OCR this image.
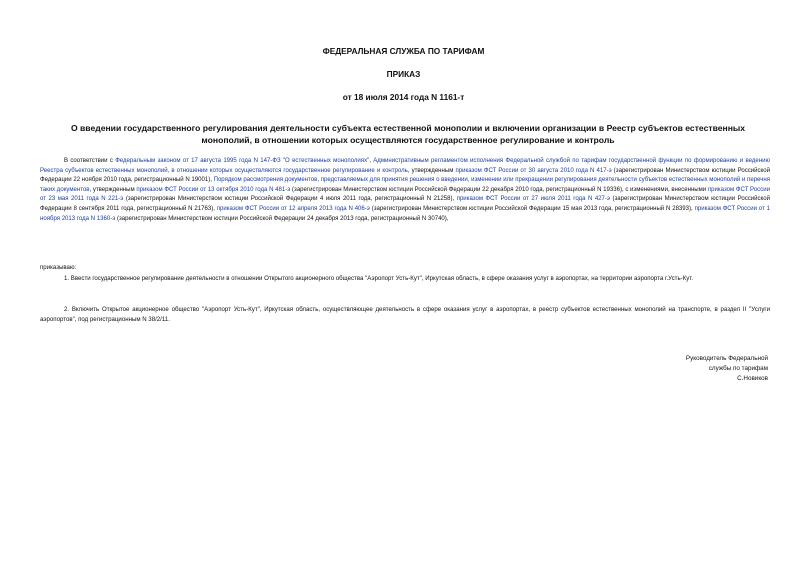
ФЕДЕРАЛЬНАЯ СЛУЖБА ПО ТАРИФАМ
ПРИКАЗ
от 18 июля 2014 года N 1161-т
О введении государственного регулирования деятельности субъекта естественной монополии и включении организации в Реестр субъектов естественных монополий, в отношении которых осуществляются государственное регулирование и контроль
В соответствии с Федеральным законом от 17 августа 1995 года N 147-ФЗ "О естественных монополиях", Административным регламентом исполнения Федеральной службой по тарифам государственной функции по формированию и ведению Реестра субъектов естественных монополий, в отношении которых осуществляются государственное регулирование и контроль, утвержденным приказом ФСТ России от 30 августа 2010 года N 417-э (зарегистрирован Министерством юстиции Российской Федерации 22 ноября 2010 года, регистрационный N 19001), Порядком рассмотрения документов, представляемых для принятия решения о введении, изменении или прекращении регулирования деятельности субъектов естественных монополий и перечня таких документов, утвержденным приказом ФСТ России от 13 октября 2010 года N 481-э (зарегистрирован Министерством юстиции Российской Федерации 22 декабря 2010 года, регистрационный N 19336), с изменениями, внесенными приказом ФСТ России от 23 мая 2011 года N 221-э (зарегистрирован Министерством юстиции Российской Федерации 4 июля 2011 года, регистрационный N 21258), приказом ФСТ России от 27 июля 2011 года N 427-э (зарегистрирован Министерством юстиции Российской Федерации 8 сентября 2011 года, регистрационный N 21763), приказом ФСТ России от 12 апреля 2013 года N 406-э (зарегистрирован Министерством юстиции Российской Федерации 15 мая 2013 года, регистрационный N 28393), приказом ФСТ России от 1 ноября 2013 года N 1360-э (зарегистрирован Министерством юстиции Российской Федерации 24 декабря 2013 года, регистрационный N 30740),
приказываю:
1. Ввести государственное регулирование деятельности в отношении Открытого акционерного общества "Аэропорт Усть-Кут", Иркутская область, в сфере оказания услуг в аэропортах, на территории аэропорта г.Усть-Кут.
2. Включить Открытое акционерное общество "Аэропорт Усть-Кут", Иркутская область, осуществляющее деятельность в сфере оказания услуг в аэропортах, в реестр субъектов естественных монополий на транспорте, в раздел II "Услуги аэропортов", под регистрационным N 38/2/11.
Руководитель Федеральной
службы по тарифам
С.Новиков
